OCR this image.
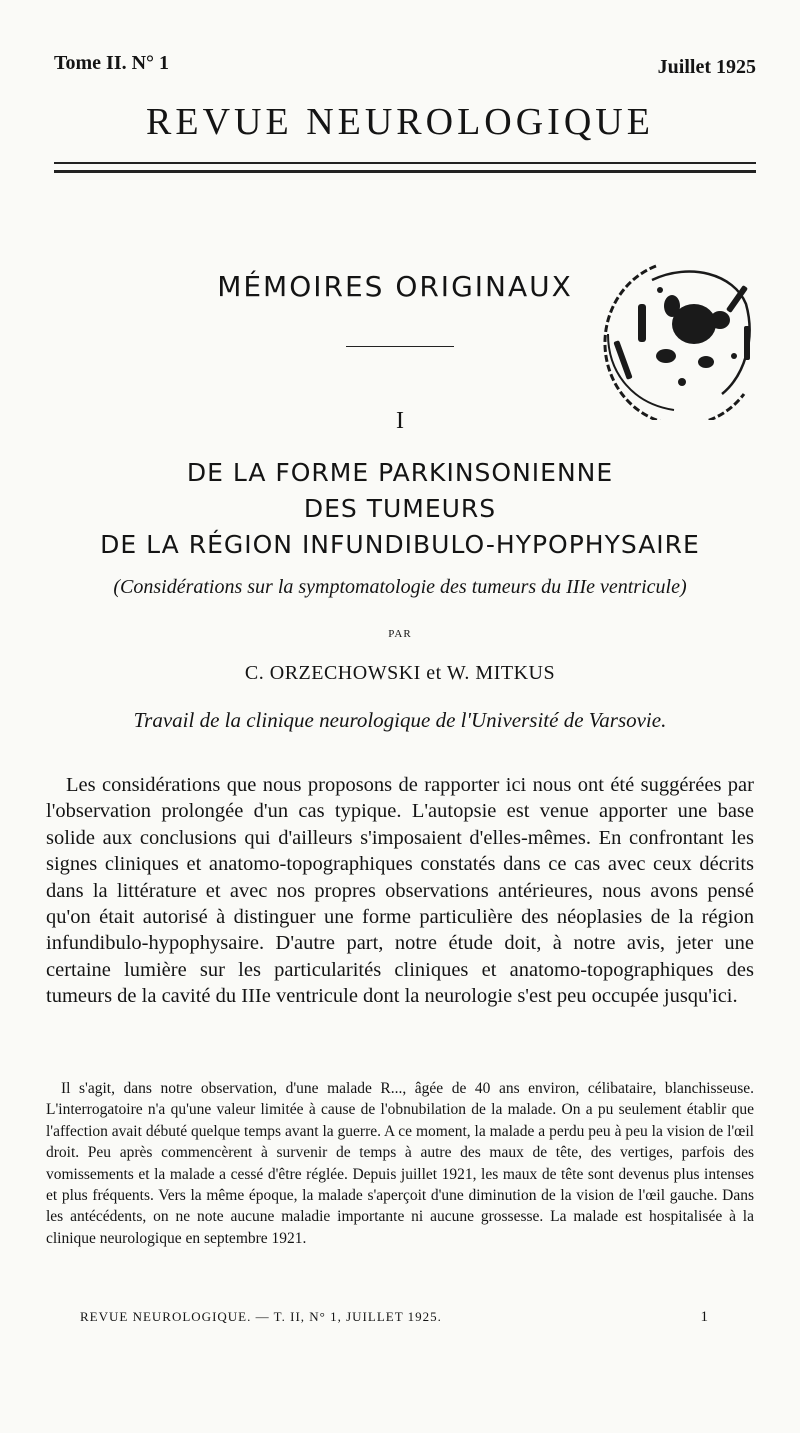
Tome II. N° 1	Juillet 1925
REVUE NEUROLOGIQUE
MÉMOIRES ORIGINAUX
I
DE LA FORME PARKINSONIENNE
DES TUMEURS
DE LA RÉGION INFUNDIBULO-HYPOPHYSAIRE
(Considérations sur la symptomatologie des tumeurs du IIIe ventricule)
PAR
C. ORZECHOWSKI et W. MITKUS
Travail de la clinique neurologique de l'Université de Varsovie.
Les considérations que nous proposons de rapporter ici nous ont été suggérées par l'observation prolongée d'un cas typique. L'autopsie est venue apporter une base solide aux conclusions qui d'ailleurs s'imposaient d'elles-mêmes. En confrontant les signes cliniques et anatomo-topographiques constatés dans ce cas avec ceux décrits dans la littérature et avec nos propres observations antérieures, nous avons pensé qu'on était autorisé à distinguer une forme particulière des néoplasies de la région infundibulo-hypophysaire. D'autre part, notre étude doit, à notre avis, jeter une certaine lumière sur les particularités cliniques et anatomo-topographiques des tumeurs de la cavité du IIIe ventricule dont la neurologie s'est peu occupée jusqu'ici.
Il s'agit, dans notre observation, d'une malade R..., âgée de 40 ans environ, célibataire, blanchisseuse. L'interrogatoire n'a qu'une valeur limitée à cause de l'obnubilation de la malade. On a pu seulement établir que l'affection avait débuté quelque temps avant la guerre. A ce moment, la malade a perdu peu à peu la vision de l'œil droit. Peu après commencèrent à survenir de temps à autre des maux de tête, des vertiges, parfois des vomissements et la malade a cessé d'être réglée. Depuis juillet 1921, les maux de tête sont devenus plus intenses et plus fréquents. Vers la même époque, la malade s'aperçoit d'une diminution de la vision de l'œil gauche. Dans les antécédents, on ne note aucune maladie importante ni aucune grossesse. La malade est hospitalisée à la clinique neurologique en septembre 1921.
REVUE NEUROLOGIQUE. — T. II, N° 1, JUILLET 1925.	1
